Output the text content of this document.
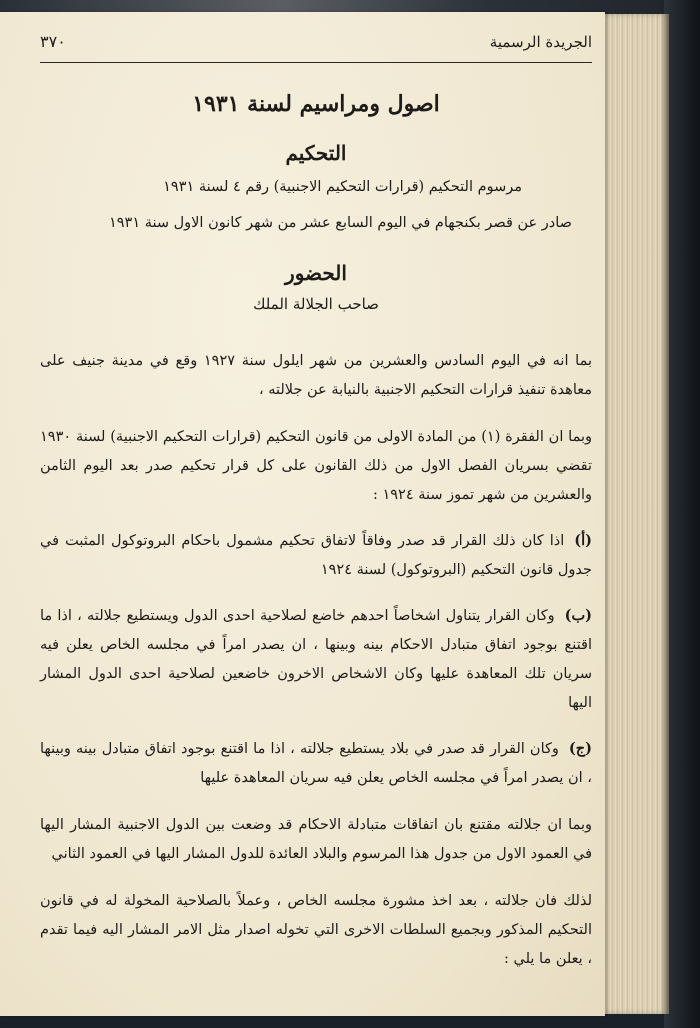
الجريدة الرسمية
٣٧٠
اصول ومراسيم لسنة ١٩٣١
التحكيم
مرسوم التحكيم (قرارات التحكيم الاجنبية) رقم ٤ لسنة ١٩٣١
صادر عن قصر بكنجهام في اليوم السابع عشر من شهر كانون الاول سنة ١٩٣١
الحضور
صاحب الجلالة الملك

بما انه في اليوم السادس والعشرين من شهر ايلول سنة ١٩٢٧ وقع في مدينة جنيف على معاهدة تنفيذ قرارات التحكيم الاجنبية بالنيابة عن جلالته ،

وبما ان الفقرة (١) من المادة الاولى من قانون التحكيم (قرارات التحكيم الاجنبية) لسنة ١٩٣٠ تقضي بسريان الفصل الاول من ذلك القانون على كل قرار تحكيم صدر بعد اليوم الثامن والعشرين من شهر تموز سنة ١٩٢٤ :

(أ)اذا كان ذلك القرار قد صدر وفاقاً لاتفاق تحكيم مشمول باحكام البروتوكول المثبت في جدول قانون التحكيم (البروتوكول) لسنة ١٩٢٤

(ب)وكان القرار يتناول اشخاصاً احدهم خاضع لصلاحية احدى الدول ويستطيع جلالته ، اذا ما اقتنع بوجود اتفاق متبادل الاحكام بينه وبينها ، ان يصدر امراً في مجلسه الخاص يعلن فيه سريان تلك المعاهدة عليها وكان الاشخاص الاخرون خاضعين لصلاحية احدى الدول المشار اليها

(ج)وكان القرار قد صدر في بلاد يستطيع جلالته ، اذا ما اقتنع بوجود اتفاق متبادل بينه وبينها ، ان يصدر امراً في مجلسه الخاص يعلن فيه سريان المعاهدة عليها

وبما ان جلالته مقتنع بان اتفاقات متبادلة الاحكام قد وضعت بين الدول الاجنبية المشار اليها في العمود الاول من جدول هذا المرسوم والبلاد العائدة للدول المشار اليها في العمود الثاني

لذلك فان جلالته ، بعد اخذ مشورة مجلسه الخاص ، وعملاً بالصلاحية المخولة له في قانون التحكيم المذكور وبجميع السلطات الاخرى التي تخوله اصدار مثل الامر المشار اليه فيما تقدم ، يعلن ما يلي :
